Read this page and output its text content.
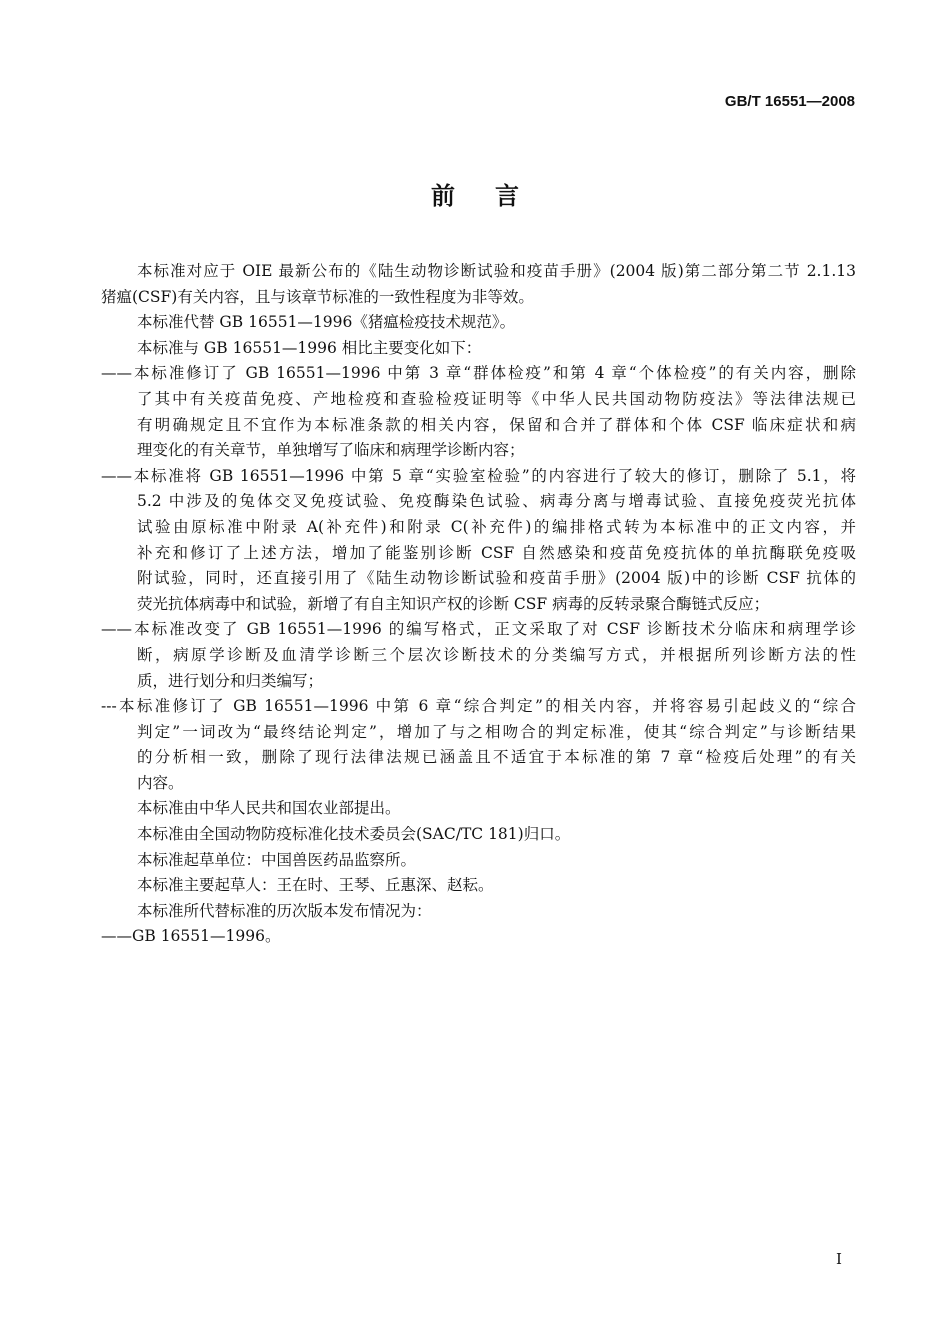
GB/T 16551—2008
前言
本标准对应于 OIE 最新公布的《陆生动物诊断试验和疫苗手册》(2004 版)第二部分第二节 2.1.13
猪瘟(CSF)有关内容，且与该章节标准的一致性程度为非等效。
本标准代替 GB 16551—1996《猪瘟检疫技术规范》。
本标准与 GB 16551—1996 相比主要变化如下：
——本标准修订了 GB 16551—1996 中第 3 章“群体检疫”和第 4 章“个体检疫”的有关内容，删除
了其中有关疫苗免疫、产地检疫和查验检疫证明等《中华人民共国动物防疫法》等法律法规已
有明确规定且不宜作为本标准条款的相关内容，保留和合并了群体和个体 CSF 临床症状和病
理变化的有关章节，单独增写了临床和病理学诊断内容；
——本标准将 GB 16551—1996 中第 5 章“实验室检验”的内容进行了较大的修订，删除了 5.1，将
5.2 中涉及的兔体交叉免疫试验、免疫酶染色试验、病毒分离与增毒试验、直接免疫荧光抗体
试验由原标准中附录 A(补充件)和附录 C(补充件)的编排格式转为本标准中的正文内容，并
补充和修订了上述方法，增加了能鉴别诊断 CSF 自然感染和疫苗免疫抗体的单抗酶联免疫吸
附试验，同时，还直接引用了《陆生动物诊断试验和疫苗手册》(2004 版)中的诊断 CSF 抗体的
荧光抗体病毒中和试验，新增了有自主知识产权的诊断 CSF 病毒的反转录聚合酶链式反应；
——本标准改变了 GB 16551—1996 的编写格式，正文采取了对 CSF 诊断技术分临床和病理学诊
断，病原学诊断及血清学诊断三个层次诊断技术的分类编写方式，并根据所列诊断方法的性
质，进行划分和归类编写；
---本标准修订了 GB 16551—1996 中第 6 章“综合判定”的相关内容，并将容易引起歧义的“综合
判定”一词改为“最终结论判定”，增加了与之相吻合的判定标准，使其“综合判定”与诊断结果
的分析相一致，删除了现行法律法规已涵盖且不适宜于本标准的第 7 章“检疫后处理”的有关
内容。
本标准由中华人民共和国农业部提出。
本标准由全国动物防疫标准化技术委员会(SAC/TC 181)归口。
本标准起草单位：中国兽医药品监察所。
本标准主要起草人：王在时、王琴、丘惠深、赵耘。
本标准所代替标准的历次版本发布情况为：
——GB 16551—1996。
I
